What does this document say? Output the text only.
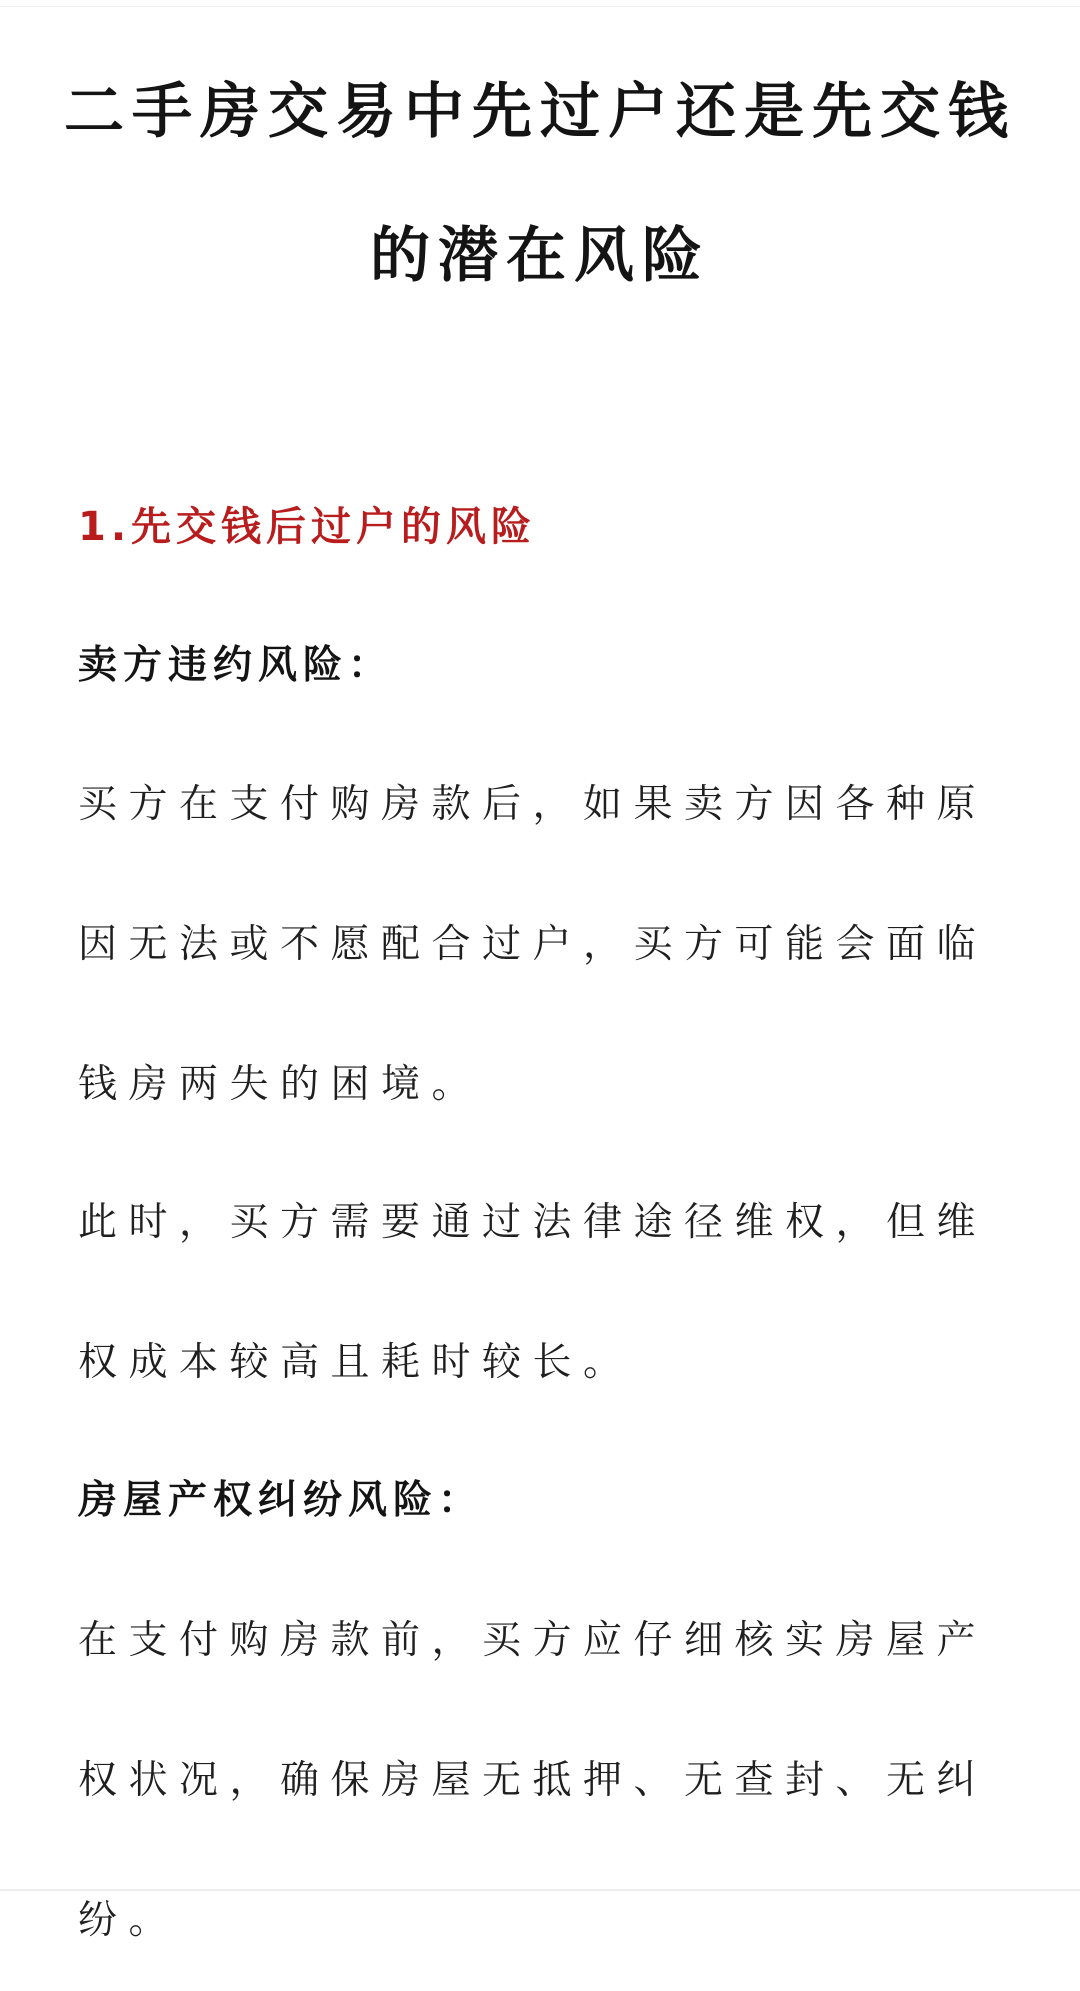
二手房交易中先过户还是先交钱的潜在风险
1.先交钱后过户的风险

卖方违约风险：

买方在支付购房款后，如果卖方因各种原因无法或不愿配合过户，买方可能会面临钱房两失的困境。

此时，买方需要通过法律途径维权，但维权成本较高且耗时较长。

房屋产权纠纷风险：

在支付购房款前，买方应仔细核实房屋产权状况，确保房屋无抵押、无查封、无纠纷。
